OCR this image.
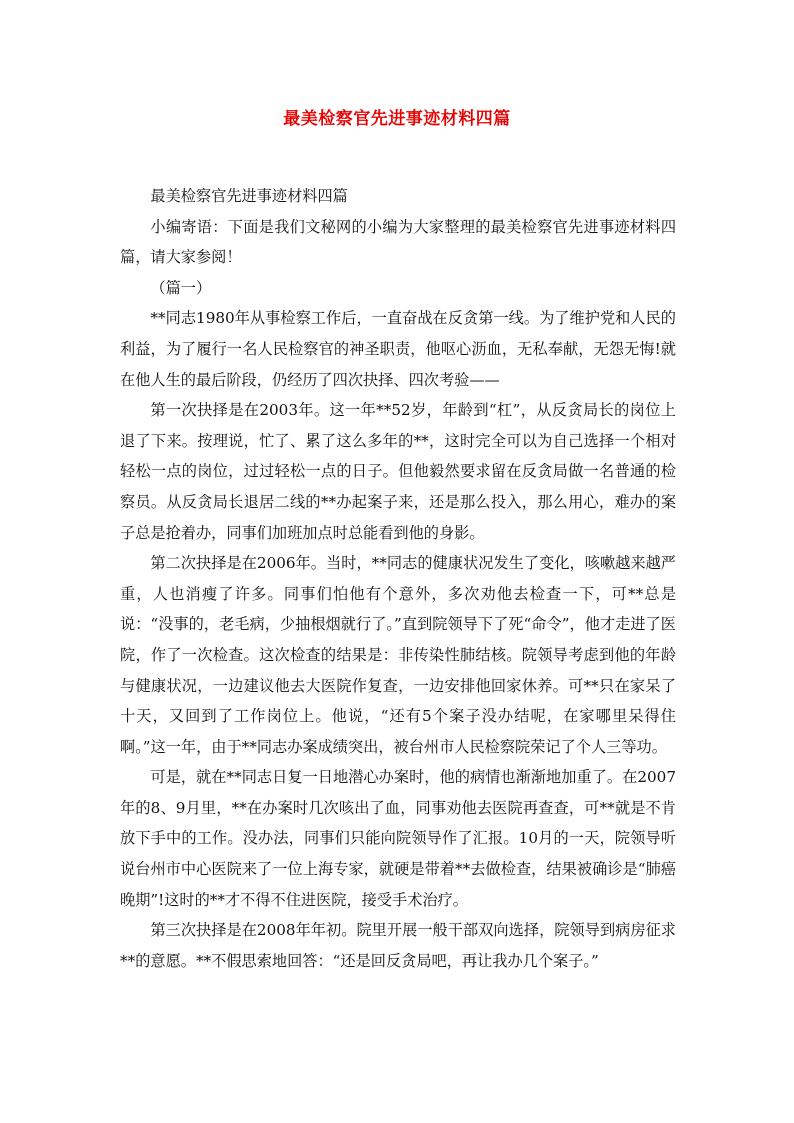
最美检察官先进事迹材料四篇

最美检察官先进事迹材料四篇

小编寄语：下面是我们文秘网的小编为大家整理的最美检察官先进事迹材料四篇，请大家参阅！

（篇一）

**同志1980年从事检察工作后，一直奋战在反贪第一线。为了维护党和人民的利益，为了履行一名人民检察官的神圣职责，他呕心沥血，无私奉献，无怨无悔!就在他人生的最后阶段，仍经历了四次抉择、四次考验——

第一次抉择是在2003年。这一年**52岁，年龄到“杠”，从反贪局长的岗位上退了下来。按理说，忙了、累了这么多年的**，这时完全可以为自己选择一个相对轻松一点的岗位，过过轻松一点的日子。但他毅然要求留在反贪局做一名普通的检察员。从反贪局长退居二线的**办起案子来，还是那么投入，那么用心，难办的案子总是抢着办，同事们加班加点时总能看到他的身影。

第二次抉择是在2006年。当时，**同志的健康状况发生了变化，咳嗽越来越严重，人也消瘦了许多。同事们怕他有个意外，多次劝他去检查一下，可**总是说：“没事的，老毛病，少抽根烟就行了。”直到院领导下了死“命令”，他才走进了医院，作了一次检查。这次检查的结果是：非传染性肺结核。院领导考虑到他的年龄与健康状况，一边建议他去大医院作复查，一边安排他回家休养。可**只在家呆了十天，又回到了工作岗位上。他说，“还有5个案子没办结呢，在家哪里呆得住啊。”这一年，由于**同志办案成绩突出，被台州市人民检察院荣记了个人三等功。

可是，就在**同志日复一日地潜心办案时，他的病情也渐渐地加重了。在2007年的8、9月里，**在办案时几次咳出了血，同事劝他去医院再查查，可**就是不肯放下手中的工作。没办法，同事们只能向院领导作了汇报。10月的一天，院领导听说台州市中心医院来了一位上海专家，就硬是带着**去做检查，结果被确诊是“肺癌晚期”!这时的**才不得不住进医院，接受手术治疗。

第三次抉择是在2008年年初。院里开展一般干部双向选择，院领导到病房征求**的意愿。**不假思索地回答：“还是回反贪局吧，再让我办几个案子。”
